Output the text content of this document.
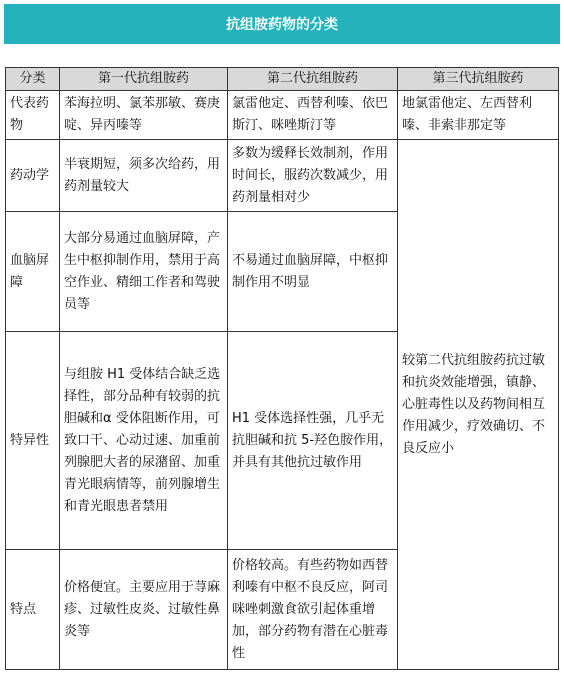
抗组胺药物的分类
分类	第一代抗组胺药	第二代抗组胺药	第三代抗组胺药
代表药物	苯海拉明、氯苯那敏、赛庚啶、异丙嗪等	氯雷他定、西替利嗪、依巴斯汀、咪唑斯汀等	地氯雷他定、左西替利嗪、非索非那定等
药动学	半衰期短，须多次给药，用药剂量较大	多数为缓释长效制剂，作用时间长，服药次数减少，用药剂量相对少	较第二代抗组胺药抗过敏和抗炎效能增强，镇静、心脏毒性以及药物间相互作用减少，疗效确切、不良反应小
血脑屏障	大部分易通过血脑屏障，产生中枢抑制作用，禁用于高空作业、精细工作者和驾驶员等	不易通过血脑屏障，中枢抑制作用不明显	
特异性	与组胺 H1 受体结合缺乏选择性，部分品种有较弱的抗胆碱和α 受体阻断作用，可致口干、心动过速、加重前列腺肥大者的尿潴留、加重青光眼病情等，前列腺增生和青光眼患者禁用	H1 受体选择性强，几乎无抗胆碱和抗 5-羟色胺作用，并具有其他抗过敏作用	
特点	价格便宜。主要应用于荨麻疹、过敏性皮炎、过敏性鼻炎等	价格较高。有些药物如西替利嗪有中枢不良反应，阿司咪唑刺激食欲引起体重增加，部分药物有潜在心脏毒性	
